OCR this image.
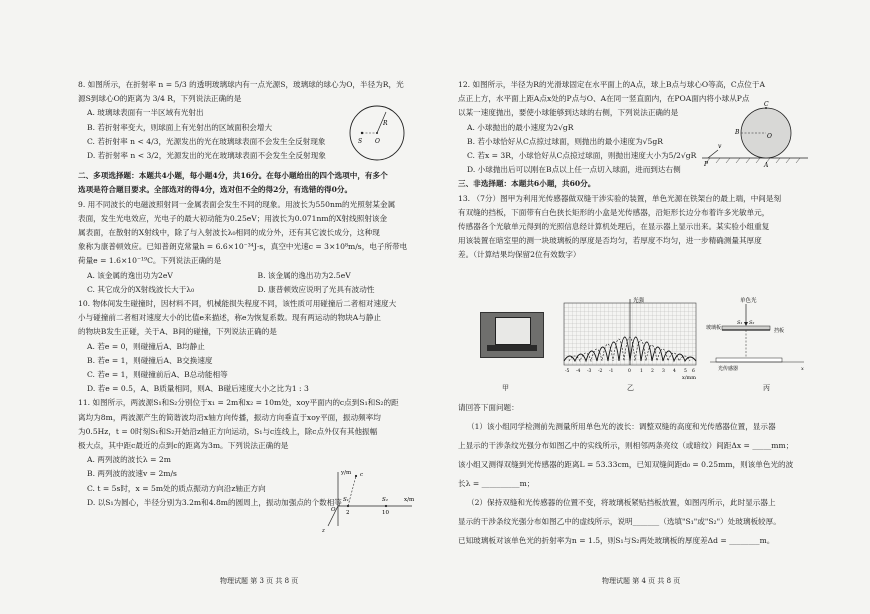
8. 如图所示，在折射率 n = 5/3 的透明玻璃球内有一点光源S，玻璃球的球心为O，半径为R，光
源S到球心O的距离为 3/4 R，下列说法正确的是
A. 玻璃球表面有一半区域有光射出
B. 若折射率变大，则球面上有光射出的区域面积会增大
C. 若折射率 n < 4/3，光源发出的光在玻璃球表面不会发生全反射现象
D. 若折射率 n < 3/2，光源发出的光在玻璃球表面不会发生全反射现象
二、多项选择题：本题共4小题，每小题4分，共16分。在每小题给出的四个选项中，有多个
选项是符合题目要求。全部选对的得4分，选对但不全的得2分，有选错的得0分。
9. 用不同波长的电磁波照射同一金属表面会发生不同的现象。用波长为550nm的光照射某金属
表面，发生光电效应，光电子的最大初动能为0.25eV；用波长为0.071nm的X射线照射该金
属表面，在散射的X射线中，除了与入射波长λ₀相同的成分外，还有其它波长成分，这种现
象称为康普顿效应。已知普朗克常量h = 6.6×10⁻³⁴J·s，真空中光速c = 3×10⁸m/s，电子所带电
荷量e = 1.6×10⁻¹⁹C。下列说法正确的是
A. 该金属的逸出功为2eV	B. 该金属的逸出功为2.5eV
C. 其它成分的X射线波长大于λ₀	D. 康普顿效应说明了光具有波动性
10. 物体间发生碰撞时，因材料不同，机械能损失程度不同，该性质可用碰撞后二者相对速度大
小与碰撞前二者相对速度大小的比值e来描述，称e为恢复系数。现有两运动的物块A与静止
的物块B发生正碰，关于A、B间的碰撞，下列说法正确的是
A. 若e = 0，则碰撞后A、B均静止
B. 若e = 1，则碰撞后A、B交换速度
C. 若e = 1，则碰撞前后A、B总动能相等
D. 若e = 0.5，A、B质量相同，则A、B碰后速度大小之比为1 : 3
11. 如图所示，两波源S₁和S₂分别位于x₁ = 2m和x₂ = 10m处，xoy平面内的c点到S₁和S₂的距
离均为8m，两波源产生的简谐波均沿x轴方向传播，振动方向垂直于xoy平面，振动频率均
为0.5Hz，t = 0时刻S₁和S₂开始沿z轴正方向运动，S₁与c连线上，除c点外仅有其他振幅
极大点，其中距c最近的点到c的距离为3m。下列说法正确的是
A. 两列波的波长λ = 2m
B. 两列波的波速v = 2m/s
C. t = 5s时，x = 5m处的质点振动方向沿z轴正方向
D. 以S₁为圆心，半径分别为3.2m和4.8m的圆周上，振动加强点的个数相等
R
S O
y/m c
S₁	S₂	x/m
2	10
O
z
12. 如图所示，半径为R的光滑球固定在水平面上的A点，球上B点与球心O等高，C点位于A
点正上方，水平面上距A点x处的P点与O、A在同一竖直面内，在POA面内将小球从P点
以某一速度抛出，要使小球能够到达球的右侧，下列说法正确的是
A. 小球抛出的最小速度为2√gR
B. 若小球恰好从C点掠过球面，则抛出的最小速度为√5gR
C. 若x = 3R，小球恰好从C点掠过球面，则抛出速度大小为5/2√gR
D. 小球抛出后可以刚在B点以上任一点切入球面，进而到达右侧
三、非选择题：本题共6小题，共60分。
13. （7分）图甲为利用光传感器做双缝干涉实验的装置，单色光源在铁架台的最上端，中间是刻
有双缝的挡板，下面带有白色狭长矩形的小盒是光传感器，沿矩形长边分布着许多光敏单元，
传感器各个光敏单元得到的光照信息经计算机处理后，在显示器上显示出来。某实验小组重复
用该装置在暗室里的测一块玻璃板的厚度是否均匀，若厚度不均匀，进一步精确测量其厚度
差。（计算结果均保留2位有效数字）
C
B
O
P	A
v
甲
光强
x/mm
-5 -4 -3 -2 -1	0 1 2 3 4 5 6
乙
单色光
玻璃板	挡板
S₁ S₂
光传感器	x
丙
请回答下面问题：
（1）该小组同学检测前先测量所用单色光的波长：调整双缝的高度和光传感器位置，显示器
上显示的干涉条纹光强分布如图乙中的实线所示，则相邻两条亮纹（或暗纹）间距Δx = _____mm；
该小组又测得双缝到光传感器的距离L = 53.33cm，已知双缝间距d₀ = 0.25mm，则该单色光的波
长λ = __________m；
（2）保持双缝和光传感器的位置不变，将玻璃板紧贴挡板放置，如图丙所示，此时显示器上
显示的干涉条纹光强分布如图乙中的虚线所示，说明_______（选填"S₁"或"S₂"）处玻璃板较厚。
已知玻璃板对该单色光的折射率为n = 1.5，则S₁与S₂两处玻璃板的厚度差Δd = ________m。
物理试题 第 3 页 共 8 页	物理试题 第 4 页 共 8 页
